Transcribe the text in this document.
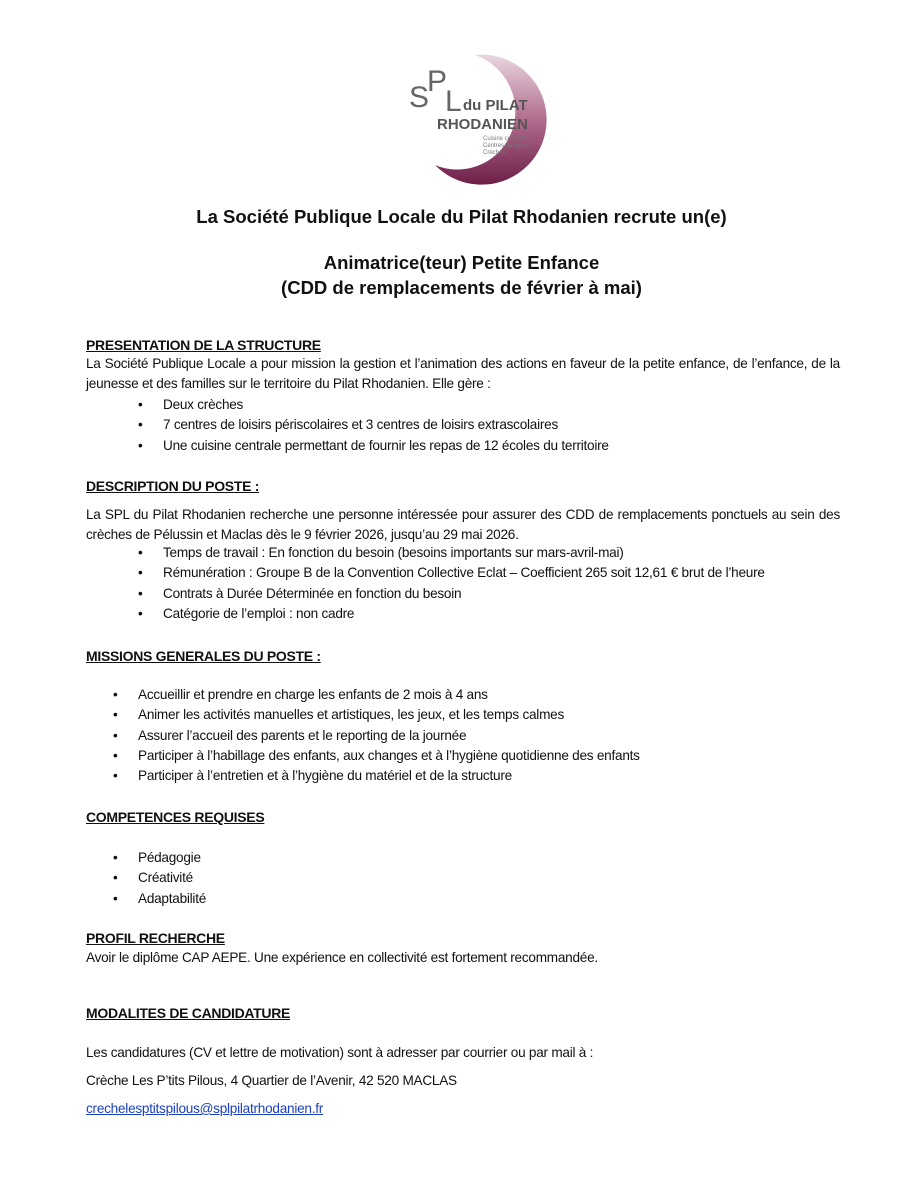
S
P
L du PILAT
RHODANIEN
Cuisine centrale
Centres de loisirs
Crèches
La Société Publique Locale du Pilat Rhodanien recrute un(e)
Animatrice(teur) Petite Enfance
(CDD de remplacements de février à mai)
PRESENTATION DE LA STRUCTURE
La Société Publique Locale a pour mission la gestion et l’animation des actions en faveur de la petite enfance, de l’enfance, de la jeunesse et des familles sur le territoire du Pilat Rhodanien. Elle gère :
• Deux crèches
• 7 centres de loisirs périscolaires et 3 centres de loisirs extrascolaires
• Une cuisine centrale permettant de fournir les repas de 12 écoles du territoire
DESCRIPTION DU POSTE :
La SPL du Pilat Rhodanien recherche une personne intéressée pour assurer des CDD de remplacements ponctuels au sein des crèches de Pélussin et Maclas dès le 9 février 2026, jusqu’au 29 mai 2026.
• Temps de travail : En fonction du besoin (besoins importants sur mars-avril-mai)
• Rémunération : Groupe B de la Convention Collective Eclat – Coefficient 265 soit 12,61 € brut de l’heure
• Contrats à Durée Déterminée en fonction du besoin
• Catégorie de l’emploi : non cadre
MISSIONS GENERALES DU POSTE :
• Accueillir et prendre en charge les enfants de 2 mois à 4 ans
• Animer les activités manuelles et artistiques, les jeux, et les temps calmes
• Assurer l’accueil des parents et le reporting de la journée
• Participer à l’habillage des enfants, aux changes et à l’hygiène quotidienne des enfants
• Participer à l’entretien et à l’hygiène du matériel et de la structure
COMPETENCES REQUISES
• Pédagogie
• Créativité
• Adaptabilité
PROFIL RECHERCHE
Avoir le diplôme CAP AEPE. Une expérience en collectivité est fortement recommandée.
MODALITES DE CANDIDATURE
Les candidatures (CV et lettre de motivation) sont à adresser par courrier ou par mail à :
Crèche Les P’tits Pilous, 4 Quartier de l’Avenir, 42 520 MACLAS
crechelesptitspilous@splpilatrhodanien.fr
